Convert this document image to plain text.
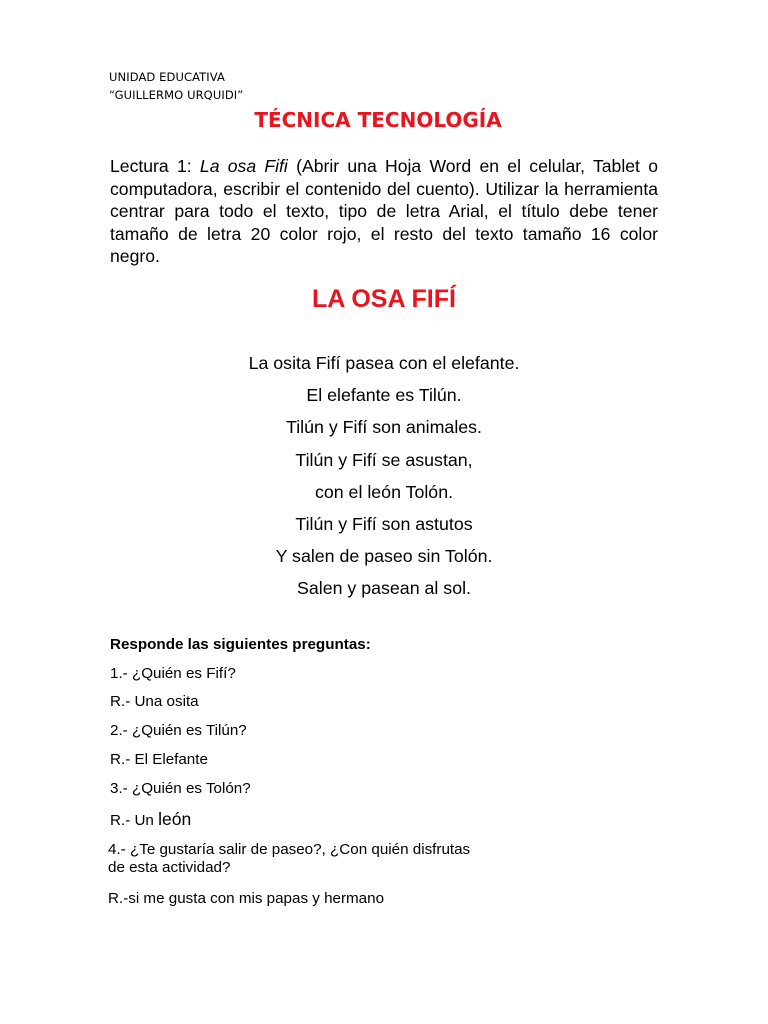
UNIDAD EDUCATIVA
“GUILLERMO URQUIDI”
TÉCNICA TECNOLOGÍA
Lectura 1: La osa Fifi (Abrir una Hoja Word en el celular, Tablet o computadora, escribir el contenido del cuento). Utilizar la herramienta centrar para todo el texto, tipo de letra Arial, el título debe tener tamaño de letra 20 color rojo, el resto del texto tamaño 16 color negro.
LA OSA FIFÍ
La osita Fifí pasea con el elefante.
El elefante es Tilún.
Tilún y Fifí son animales.
Tilún y Fifí se asustan,
con el león Tolón.
Tilún y Fifí son astutos
Y salen de paseo sin Tolón.
Salen y pasean al sol.
Responde las siguientes preguntas:
1.- ¿Quién es Fifí?
R.- Una osita
2.- ¿Quién es Tilún?
R.- El Elefante
3.- ¿Quién es Tolón?
R.- Un león
4.- ¿Te gustaría salir de paseo?, ¿Con quién disfrutas
de esta actividad?
R.-si me gusta con mis papas y hermano
